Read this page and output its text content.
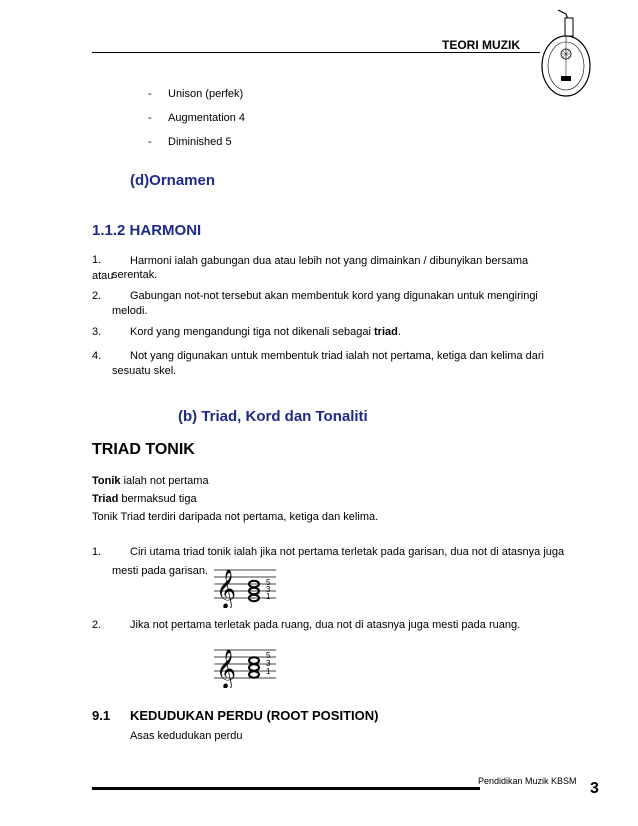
TEORI MUZIK
- Unison (perfek)
- Augmentation 4
- Diminished 5
(d)Ornamen
1.1.2 HARMONI
1.	Harmoni ialah gabungan dua atau lebih not yang dimainkan / dibunyikan bersama atau
serentak.
2.	Gabungan not-not tersebut akan membentuk kord yang digunakan untuk mengiringi
melodi.
3.	Kord yang mengandungi tiga not dikenali sebagai triad.
4.	Not yang digunakan untuk membentuk triad ialah not pertama, ketiga dan kelima dari
sesuatu skel.
(b) Triad, Kord dan Tonaliti
TRIAD TONIK
Tonik ialah not pertama
Triad bermaksud tiga
Tonik Triad terdiri daripada not pertama, ketiga dan kelima.
1.	Ciri utama triad tonik ialah jika not pertama terletak pada garisan, dua not di atasnya juga
mesti pada garisan. 𝄞	5
3
1
2.	Jika not pertama terletak pada ruang, dua not di atasnya juga mesti pada ruang.
𝄞	5
3
1
9.1 KEDUDUKAN PERDU (ROOT POSITION)
Asas kedudukan perdu
Pendidikan Muzik KBSM 3
